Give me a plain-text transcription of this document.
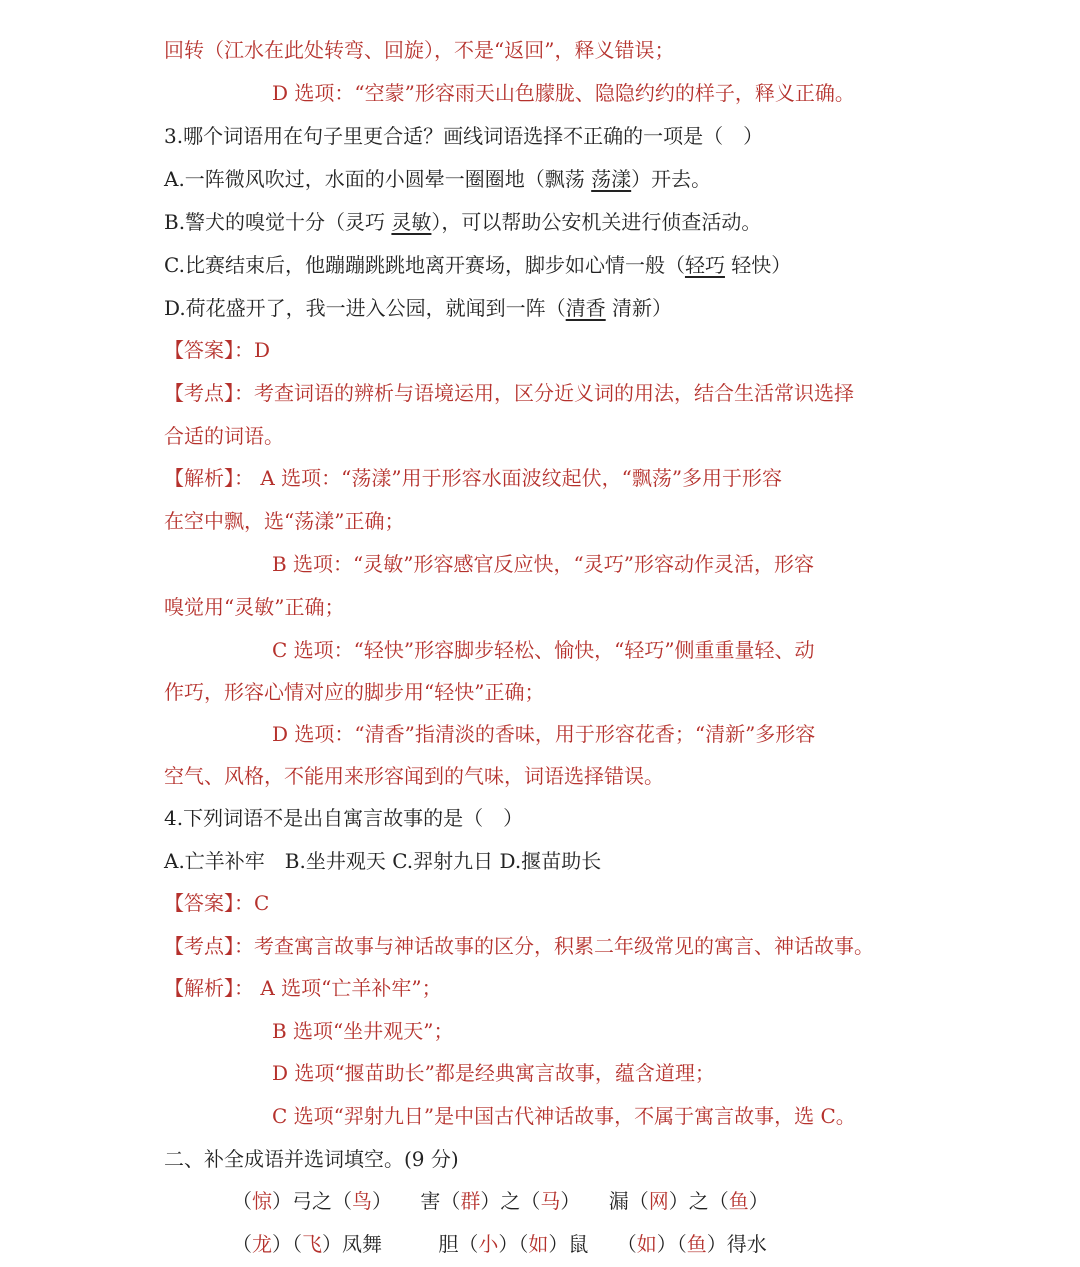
回转（江水在此处转弯、回旋），不是“返回”，释义错误；
D 选项：“空蒙”形容雨天山色朦胧、隐隐约约的样子，释义正确。
3.哪个词语用在句子里更合适？画线词语选择不正确的一项是（　）
A.一阵微风吹过，水面的小圆晕一圈圈地（飘荡 荡漾）开去。
B.警犬的嗅觉十分（灵巧 灵敏），可以帮助公安机关进行侦查活动。
C.比赛结束后，他蹦蹦跳跳地离开赛场，脚步如心情一般（轻巧 轻快）
D.荷花盛开了，我一进入公园，就闻到一阵（清香 清新）
【答案】：D
【考点】：考查词语的辨析与语境运用，区分近义词的用法，结合生活常识选择
合适的词语。
【解析】： A 选项：“荡漾”用于形容水面波纹起伏，“飘荡”多用于形容
在空中飘，选“荡漾”正确；
B 选项：“灵敏”形容感官反应快，“灵巧”形容动作灵活，形容
嗅觉用“灵敏”正确；
C 选项：“轻快”形容脚步轻松、愉快，“轻巧”侧重重量轻、动
作巧，形容心情对应的脚步用“轻快”正确；
D 选项：“清香”指清淡的香味，用于形容花香；“清新”多形容
空气、风格，不能用来形容闻到的气味，词语选择错误。
4.下列词语不是出自寓言故事的是（　）
A.亡羊补牢　B.坐井观天 C.羿射九日 D.揠苗助长
【答案】：C
【考点】：考查寓言故事与神话故事的区分，积累二年级常见的寓言、神话故事。
【解析】： A 选项“亡羊补牢”；
B 选项“坐井观天”；
D 选项“揠苗助长”都是经典寓言故事，蕴含道理；
C 选项“羿射九日”是中国古代神话故事，不属于寓言故事，选 C。
二、补全成语并选词填空。(9 分)
（惊）弓之（鸟） 害（群）之（马） 漏（网）之（鱼）
（龙）（飞）凤舞	胆（小）（如）鼠 （如）（鱼）得水
